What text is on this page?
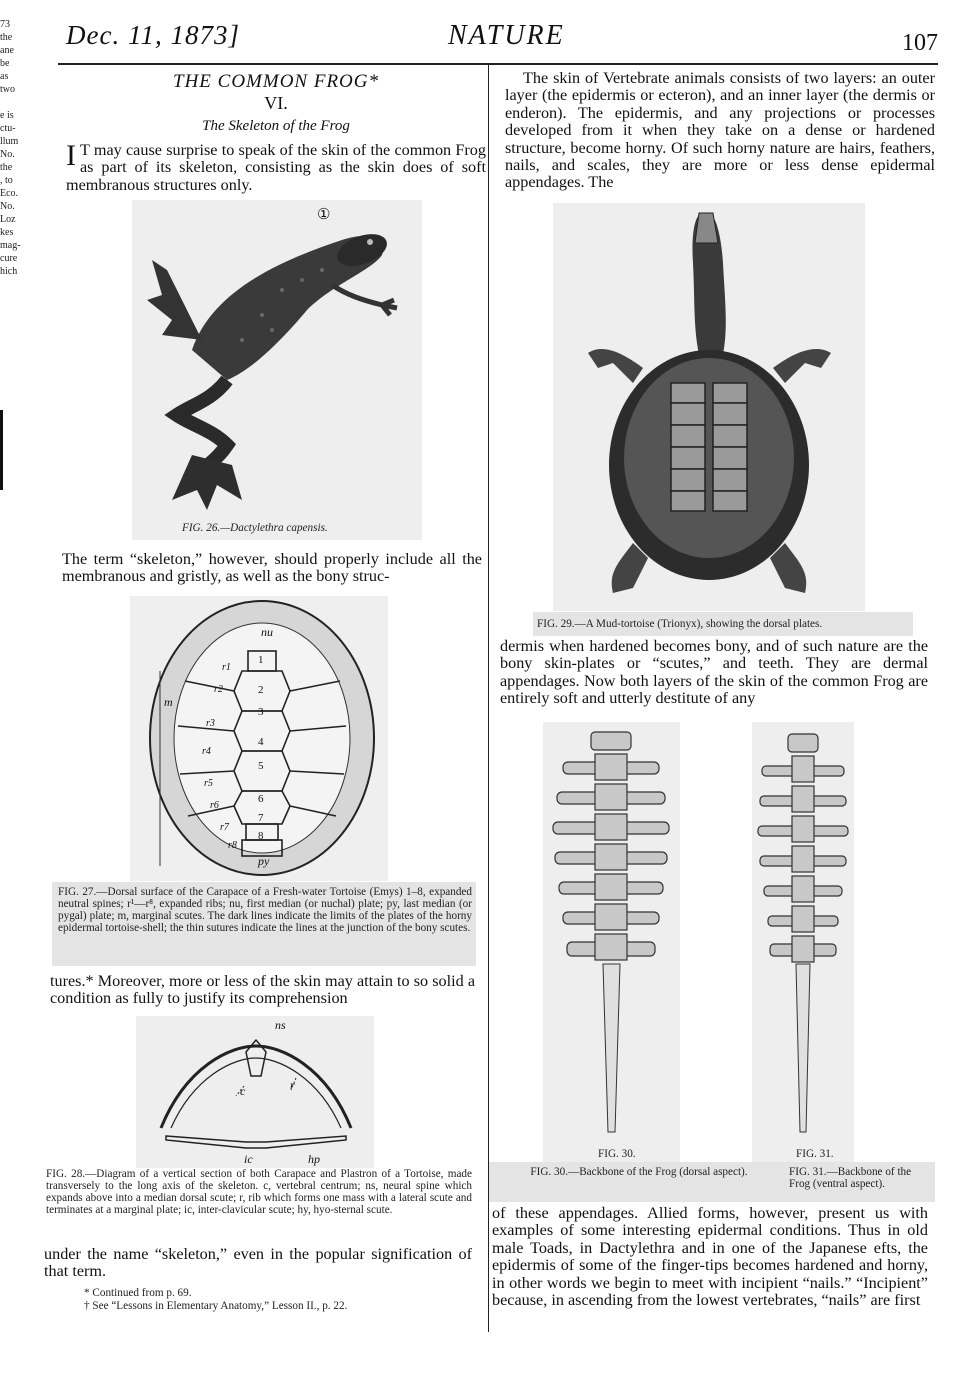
73
the
ane
be
as
two

e is
ctu-
llum
No.
the
, to
Eco.
No.
Loz
kes
mag-
cure
hich
Dec. 11, 1873]	NATURE	107
THE COMMON FROG*
VI.
The Skeleton of the Frog
I T may cause surprise to speak of the skin of the common Frog as part of its skeleton, consisting as the skin does of soft membranous structures only.
①
FIG. 26.—Dactylethra capensis.
The term “skeleton,” however, should properly include all the membranous and gristly, as well as the bony struc-
nu
py
m
1
2
3
4
5
6
7
8
r1
r2
r3
r4
r5
r6
r7
r8
FIG. 27.—Dorsal surface of the Carapace of a Fresh-water Tortoise (Emys) 1–8, expanded neutral spines; r¹—r⁸, expanded ribs; nu, first median (or nuchal) plate; py, last median (or pygal) plate; m, marginal scutes. The dark lines indicate the limits of the plates of the horny epidermal tortoise-shell; the thin sutures indicate the lines at the junction of the bony scutes.
tures.* Moreover, more or less of the skin may attain to so solid a condition as fully to justify its comprehension
ns
c	r
ic	hp
FIG. 28.—Diagram of a vertical section of both Carapace and Plastron of a Tortoise, made transversely to the long axis of the skeleton. c, vertebral centrum; ns, neural spine which expands above into a median dorsal scute; r, rib which forms one mass with a lateral scute and terminates at a marginal plate; ic, inter-clavicular scute; hy, hyo-sternal scute.
under the name “skeleton,” even in the popular signification of that term.
* Continued from p. 69.
† See “Lessons in Elementary Anatomy,” Lesson II., p. 22.
The skin of Vertebrate animals consists of two layers: an outer layer (the epidermis or ecteron), and an inner layer (the dermis or enderon). The epidermis, and any projections or processes developed from it when they take on a dense or hardened structure, become horny. Of such horny nature are hairs, feathers, nails, and scales, they are more or less dense epidermal appendages. The
FIG. 29.—A Mud-tortoise (Trionyx), showing the dorsal plates.
dermis when hardened becomes bony, and of such nature are the bony skin-plates or “scutes,” and teeth. They are dermal appendages. Now both layers of the skin of the common Frog are entirely soft and utterly destitute of any
FIG. 30.	FIG. 31.
FIG. 30.—Backbone of the Frog (dorsal aspect).	FIG. 31.—Backbone of the Frog (ventral aspect).
of these appendages. Allied forms, however, present us with examples of some interesting epidermal conditions. Thus in old male Toads, in Dactylethra and in one of the Japanese efts, the epidermis of some of the finger-tips becomes hardened and horny, in other words we begin to meet with incipient “nails.” “Incipient” because, in ascending from the lowest vertebrates, “nails” are first
